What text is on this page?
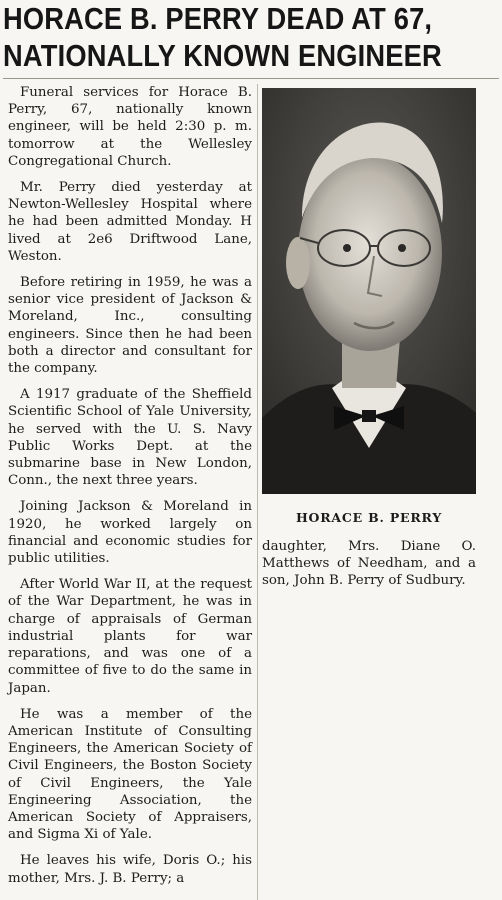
HORACE B. PERRY DEAD AT 67,
NATIONALLY KNOWN ENGINEER

Funeral services for Horace B. Perry, 67, nationally known engineer, will be held 2:30 p. m. tomorrow at the Wellesley Congregational Church.

Mr. Perry died yesterday at Newton-Wellesley Hospital where he had been admitted Monday. H lived at 2e6 Driftwood Lane, Weston.

Before retiring in 1959, he was a senior vice president of Jackson & Moreland, Inc., consulting engineers. Since then he had been both a director and consultant for the company.

A 1917 graduate of the Sheffield Scientific School of Yale University, he served with the U. S. Navy Public Works Dept. at the submarine base in New London, Conn., the next three years.

Joining Jackson & Moreland in 1920, he worked largely on financial and economic studies for public utilities.

After World War II, at the request of the War Department, he was in charge of appraisals of German industrial plants for war reparations, and was one of a committee of five to do the same in Japan.

He was a member of the American Institute of Consulting Engineers, the American Society of Civil Engineers, the Boston Society of Civil Engineers, the Yale Engineering Association, the American Society of Appraisers, and Sigma Xi of Yale.

He leaves his wife, Doris O.; his mother, Mrs. J. B. Perry; a

HORACE B. PERRY

daughter, Mrs. Diane O. Matthews of Needham, and a son, John B. Perry of Sudbury.
